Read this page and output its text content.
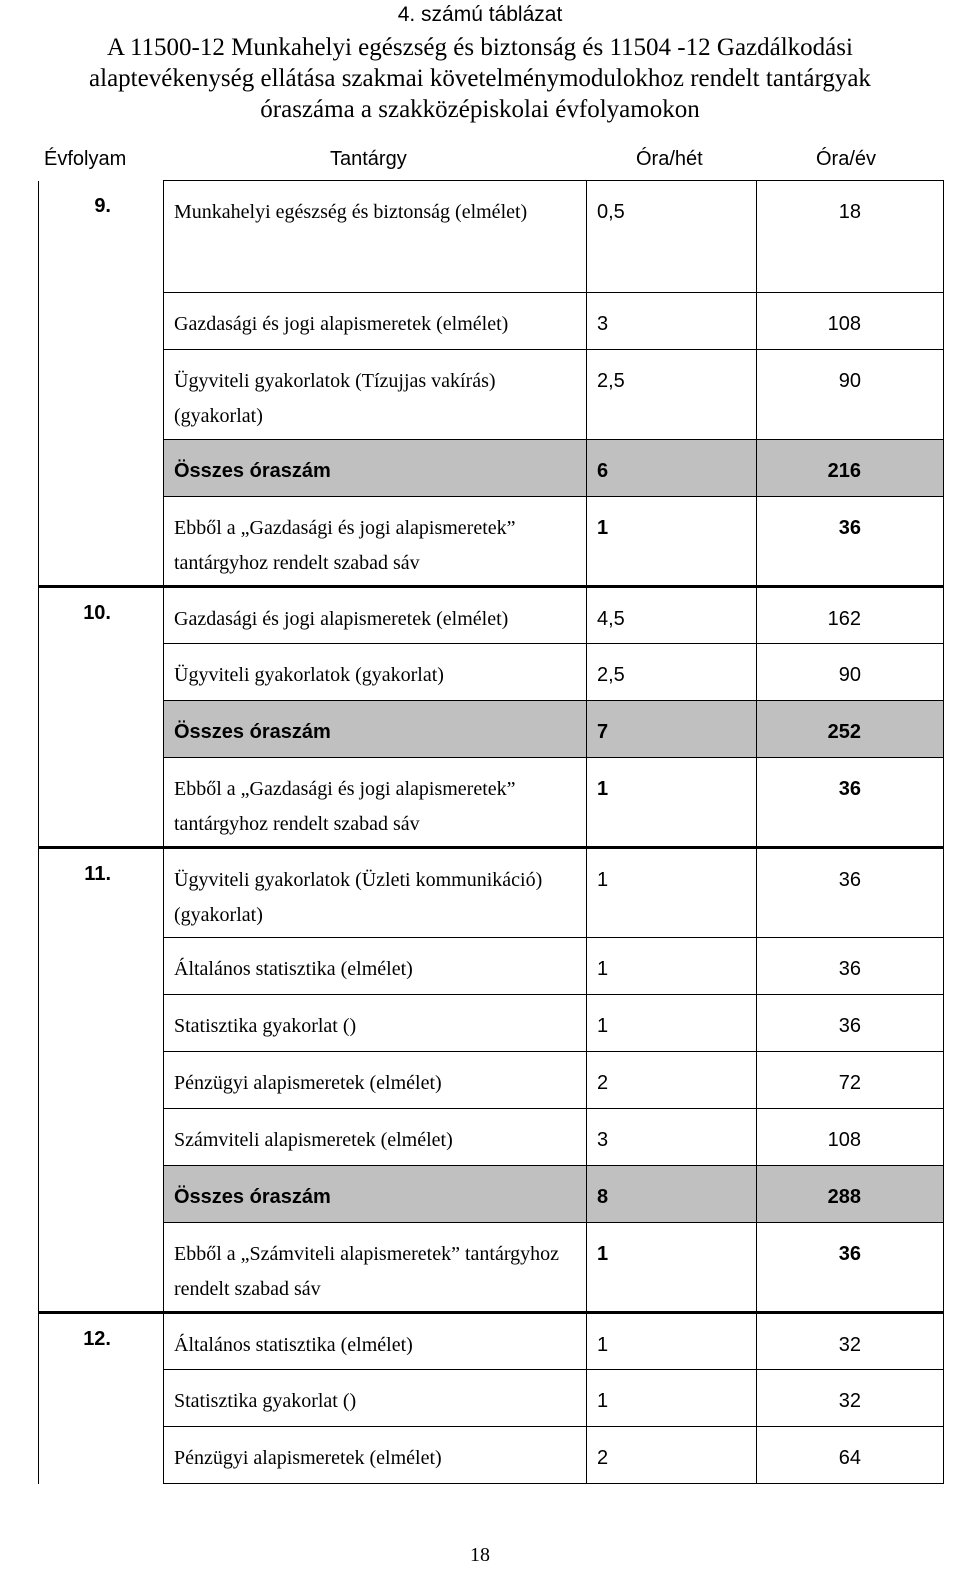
4. számú táblázat
A 11500-12 Munkahelyi egészség és biztonság és 11504 -12 Gazdálkodási
alaptevékenység ellátása szakmai követelménymodulokhoz rendelt tantárgyak
óraszáma a szakközépiskolai évfolyamokon
Évfolyam	Tantárgy	Óra/hét	Óra/év
9.	Munkahelyi egészség és biztonság (elmélet)	0,5	18
	Gazdasági és jogi alapismeretek (elmélet)	3	108
	Ügyviteli gyakorlatok (Tízujjas vakírás) (gyakorlat)	2,5	90
	Összes óraszám	6	216
	Ebből a „Gazdasági és jogi alapismeretek” tantárgyhoz rendelt szabad sáv	1	36
10.	Gazdasági és jogi alapismeretek (elmélet)	4,5	162
	Ügyviteli gyakorlatok (gyakorlat)	2,5	90
	Összes óraszám	7	252
	Ebből a „Gazdasági és jogi alapismeretek” tantárgyhoz rendelt szabad sáv	1	36
11.	Ügyviteli gyakorlatok (Üzleti kommunikáció) (gyakorlat)	1	36
	Általános statisztika (elmélet)	1	36
	Statisztika gyakorlat ()	1	36
	Pénzügyi alapismeretek (elmélet)	2	72
	Számviteli alapismeretek (elmélet)	3	108
	Összes óraszám	8	288
	Ebből a „Számviteli alapismeretek” tantárgyhoz rendelt szabad sáv	1	36
12.	Általános statisztika (elmélet)	1	32
	Statisztika gyakorlat ()	1	32
	Pénzügyi alapismeretek (elmélet)	2	64
18
